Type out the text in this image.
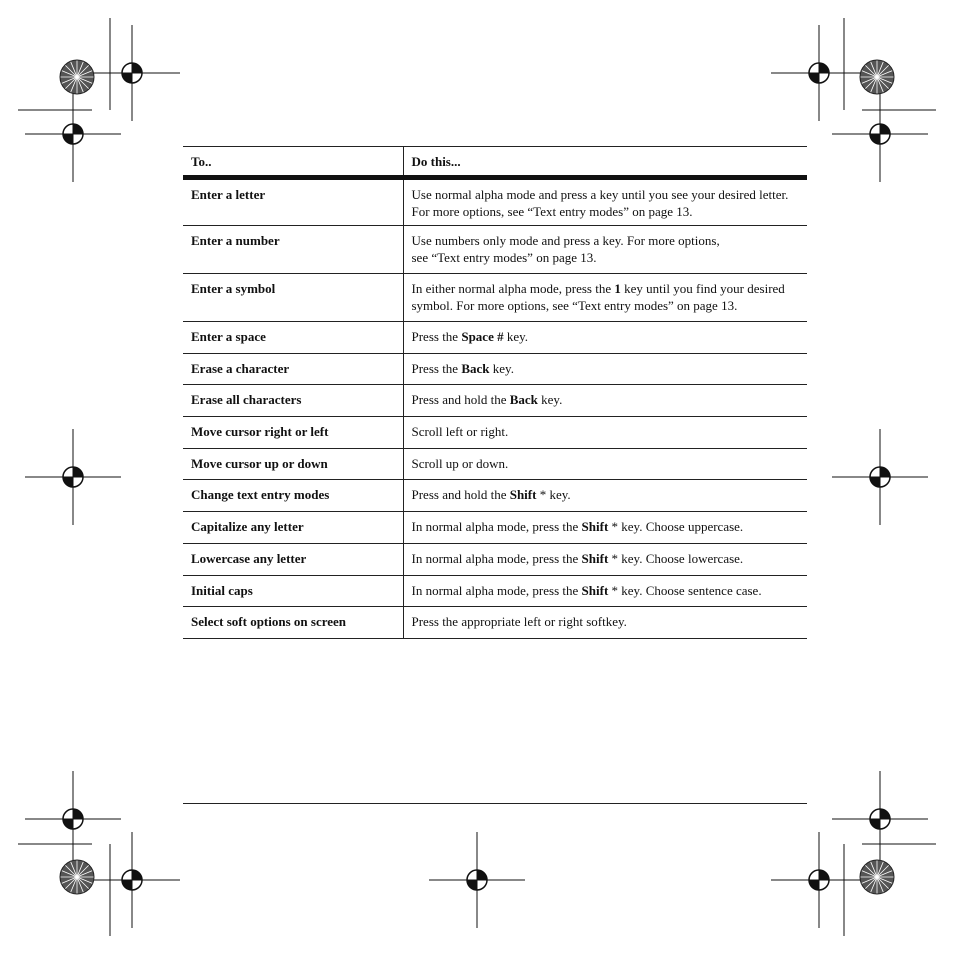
To..	Do this...
Enter a letter	Use normal alpha mode and press a key until you see your desired letter.
For more options, see “Text entry modes” on page 13.
Enter a number	Use numbers only mode and press a key. For more options,
see “Text entry modes” on page 13.
Enter a symbol	In either normal alpha mode, press the 1 key until you find your desired
symbol. For more options, see “Text entry modes” on page 13.
Enter a space	Press the Space # key.
Erase a character	Press the Back key.
Erase all characters	Press and hold the Back key.
Move cursor right or left	Scroll left or right.
Move cursor up or down	Scroll up or down.
Change text entry modes	Press and hold the Shift * key.
Capitalize any letter	In normal alpha mode, press the Shift * key. Choose uppercase.
Lowercase any letter	In normal alpha mode, press the Shift * key. Choose lowercase.
Initial caps	In normal alpha mode, press the Shift * key. Choose sentence case.
Select soft options on screen	Press the appropriate left or right softkey.
